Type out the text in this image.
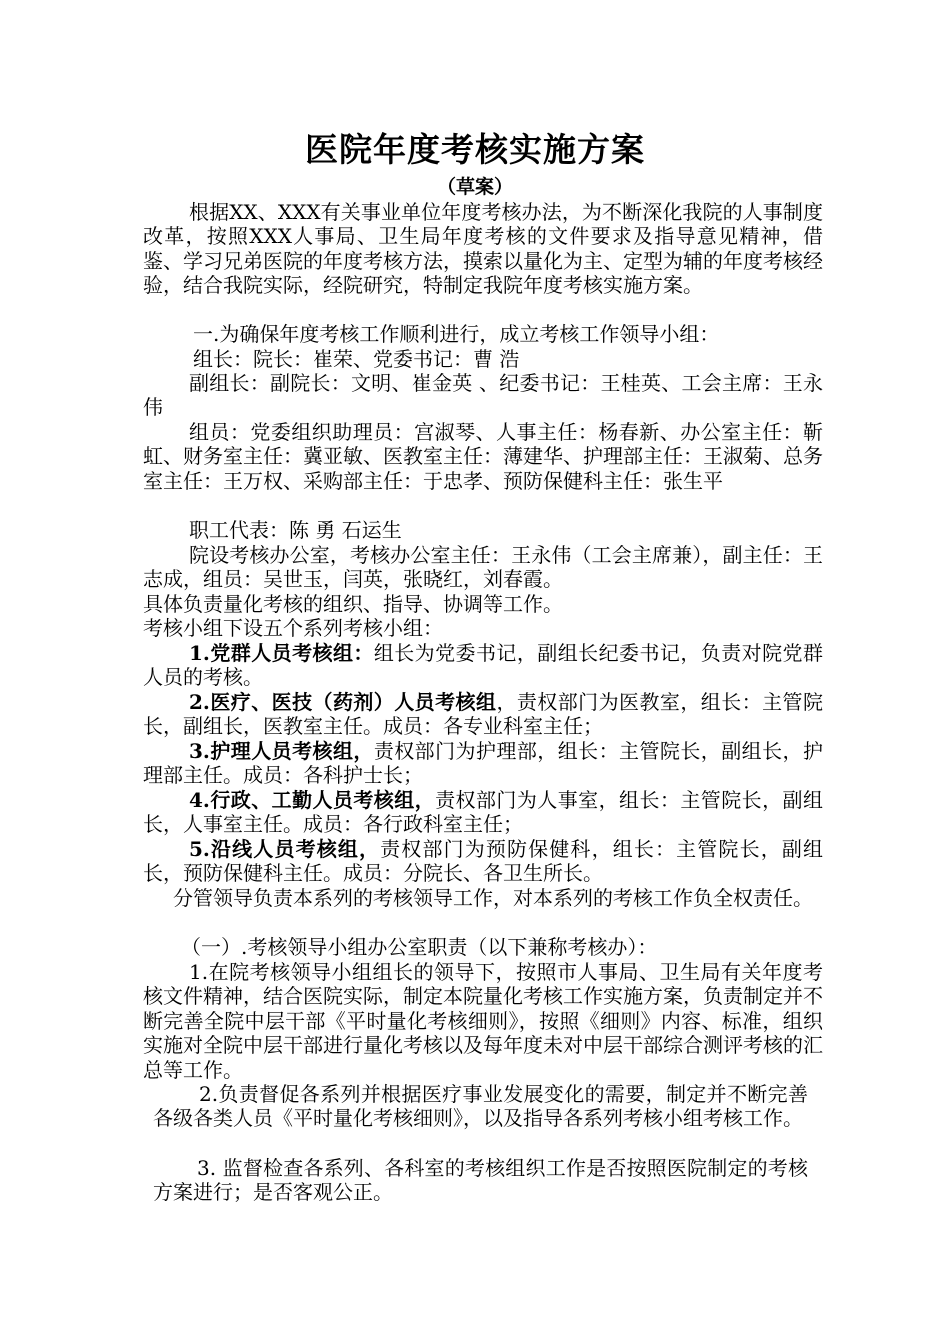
医院年度考核实施方案
（草案）
根据XX、XXX有关事业单位年度考核办法，为不断深化我院的人事制度改革，按照XXX人事局、卫生局年度考核的文件要求及指导意见精神，借鉴、学习兄弟医院的年度考核方法，摸索以量化为主、定型为辅的年度考核经验，结合我院实际，经院研究，特制定我院年度考核实施方案。
一.为确保年度考核工作顺利进行，成立考核工作领导小组：
组长：院长：崔荣、党委书记：曹 浩
副组长：副院长：文明、崔金英 、纪委书记：王桂英、工会主席：王永伟
组员：党委组织助理员：宫淑琴、人事主任：杨春新、办公室主任：靳虹、财务室主任：冀亚敏、医教室主任：薄建华、护理部主任：王淑菊、总务室主任：王万权、采购部主任：于忠孝、预防保健科主任：张生平
职工代表：陈 勇 石运生
院设考核办公室，考核办公室主任：王永伟（工会主席兼），副主任：王志成，组员：吴世玉，闫英，张晓红，刘春霞。
具体负责量化考核的组织、指导、协调等工作。
考核小组下设五个系列考核小组：
1.党群人员考核组：组长为党委书记，副组长纪委书记，负责对院党群人员的考核。
2.医疗、医技（药剂）人员考核组，责权部门为医教室，组长：主管院长，副组长，医教室主任。成员：各专业科室主任；
3.护理人员考核组，责权部门为护理部，组长：主管院长，副组长，护理部主任。成员：各科护士长；
4.行政、工勤人员考核组，责权部门为人事室，组长：主管院长，副组长，人事室主任。成员：各行政科室主任；
5.沿线人员考核组，责权部门为预防保健科，组长：主管院长，副组长，预防保健科主任。成员：分院长、各卫生所长。
分管领导负责本系列的考核领导工作，对本系列的考核工作负全权责任。
（一）.考核领导小组办公室职责（以下兼称考核办）：
1.在院考核领导小组组长的领导下，按照市人事局、卫生局有关年度考核文件精神，结合医院实际，制定本院量化考核工作实施方案，负责制定并不断完善全院中层干部《平时量化考核细则》，按照《细则》内容、标准，组织实施对全院中层干部进行量化考核以及每年度未对中层干部综合测评考核的汇总等工作。
2.负责督促各系列并根据医疗事业发展变化的需要，制定并不断完善各级各类人员《平时量化考核细则》，以及指导各系列考核小组考核工作。
3. 监督检查各系列、各科室的考核组织工作是否按照医院制定的考核方案进行；是否客观公正。
